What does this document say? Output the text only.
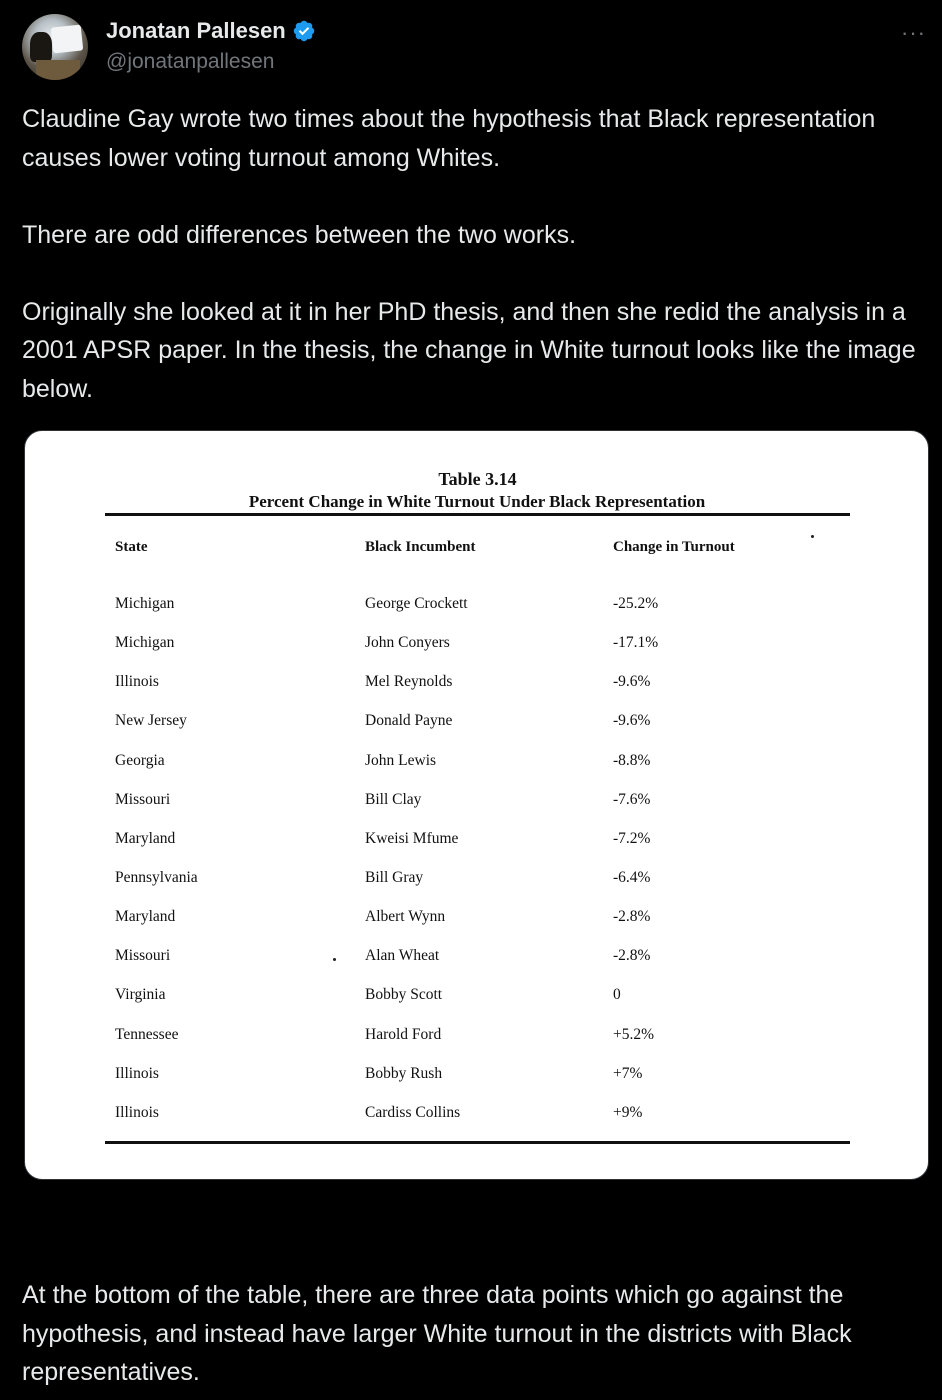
Jonatan Pallesen
@jonatanpallesen
···

Claudine Gay wrote two times about the hypothesis that Black representation causes lower voting turnout among Whites.

There are odd differences between the two works.

Originally she looked at it in her PhD thesis, and then she redid the analysis in a 2001 APSR paper. In the thesis, the change in White turnout looks like the image below.

Table 3.14
Percent Change in White Turnout Under Black Representation
State	Black Incumbent	Change in Turnout
Michigan	George Crockett	-25.2%
Michigan	John Conyers	-17.1%
Illinois	Mel Reynolds	-9.6%
New Jersey	Donald Payne	-9.6%
Georgia	John Lewis	-8.8%
Missouri	Bill Clay	-7.6%
Maryland	Kweisi Mfume	-7.2%
Pennsylvania	Bill Gray	-6.4%
Maryland	Albert Wynn	-2.8%
Missouri	Alan Wheat	-2.8%
Virginia	Bobby Scott	0
Tennessee	Harold Ford	+5.2%
Illinois	Bobby Rush	+7%
Illinois	Cardiss Collins	+9%
At the bottom of the table, there are three data points which go against the hypothesis, and instead have larger White turnout in the districts with Black representatives.
